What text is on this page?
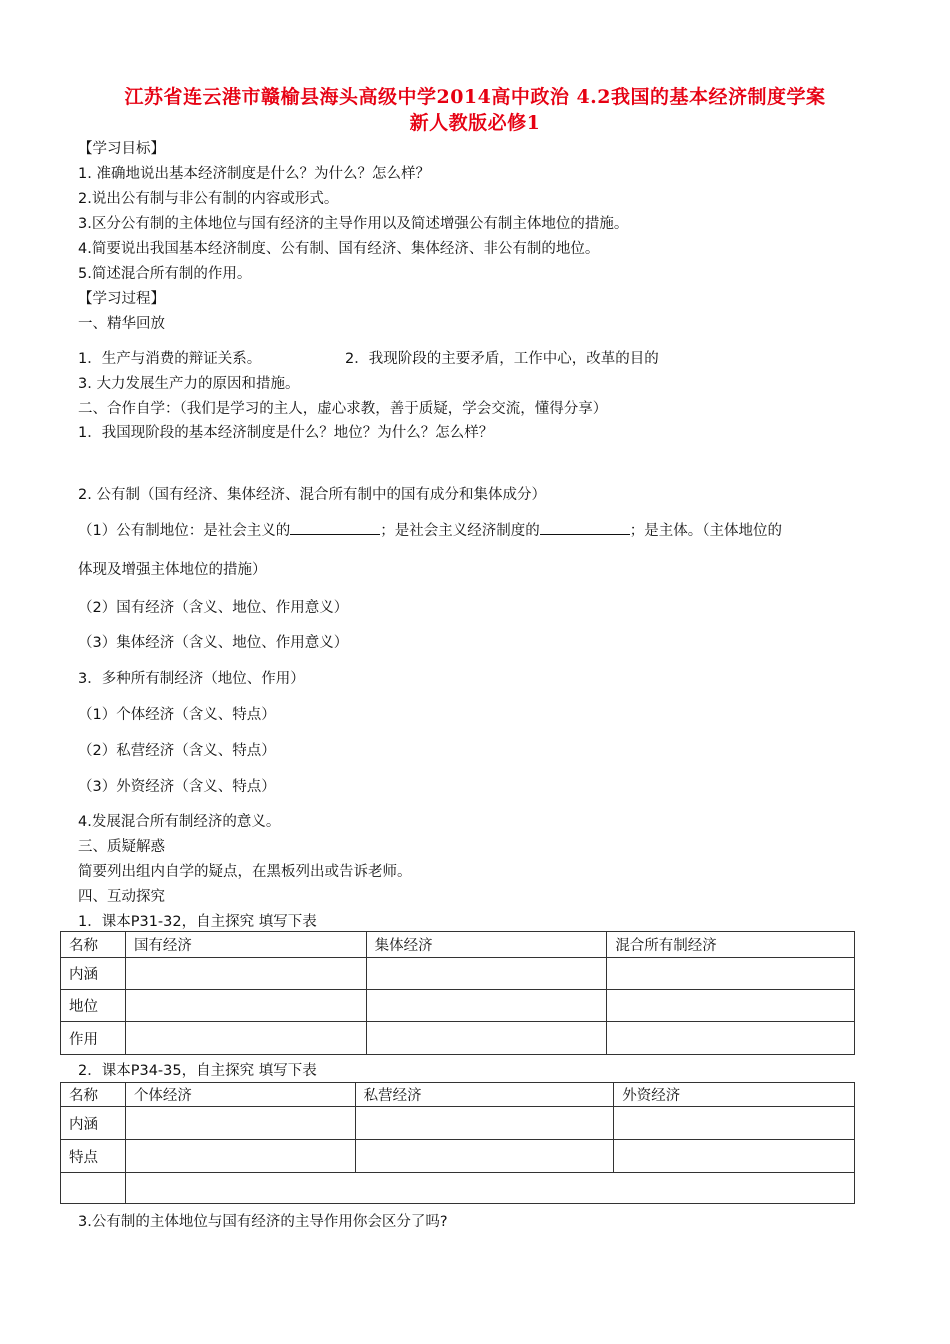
江苏省连云港市赣榆县海头高级中学2014高中政治 4.2我国的基本经济制度学案
新人教版必修1
【学习目标】
1. 准确地说出基本经济制度是什么？为什么？怎么样？
2.说出公有制与非公有制的内容或形式。
3.区分公有制的主体地位与国有经济的主导作用以及简述增强公有制主体地位的措施。
4.简要说出我国基本经济制度、公有制、国有经济、集体经济、非公有制的地位。
5.简述混合所有制的作用。
【学习过程】
一、精华回放
1．生产与消费的辩证关系。	2．我现阶段的主要矛盾，工作中心，改革的目的
3. 大力发展生产力的原因和措施。
二、合作自学：（我们是学习的主人，虚心求教，善于质疑，学会交流，懂得分享）
1．我国现阶段的基本经济制度是什么？地位？为什么？怎么样？
2. 公有制（国有经济、集体经济、混合所有制中的国有成分和集体成分）
（1）公有制地位：是社会主义的	；是社会主义经济制度的	；是主体。（主体地位的
体现及增强主体地位的措施）
（2）国有经济（含义、地位、作用意义）
（3）集体经济（含义、地位、作用意义）
3．多种所有制经济（地位、作用）
（1）个体经济（含义、特点）
（2）私营经济（含义、特点）
（3）外资经济（含义、特点）
4.发展混合所有制经济的意义。
三、质疑解惑
简要列出组内自学的疑点，在黑板列出或告诉老师。
四、互动探究
1．课本P31-32，自主探究 填写下表
名称	国有经济	集体经济	混合所有制经济
内涵			
地位			
作用			
2．课本P34-35，自主探究 填写下表
名称	个体经济	私营经济	外资经济
内涵			
特点			

3.公有制的主体地位与国有经济的主导作用你会区分了吗?
